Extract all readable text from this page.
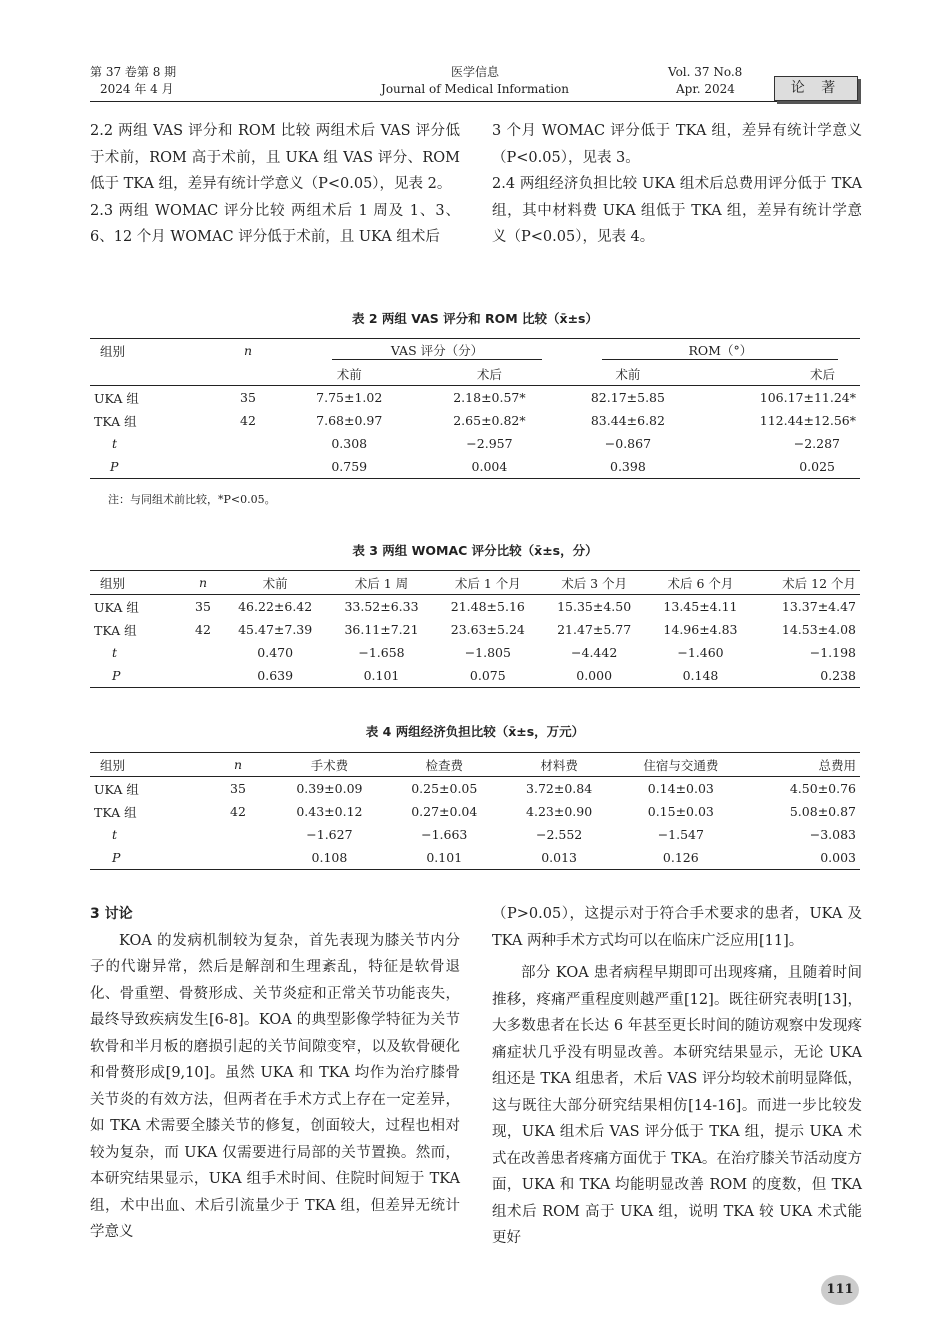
第 37 卷第 8 期
2024 年 4 月
医学信息
Journal of Medical Information
Vol. 37 No.8
Apr. 2024	论 著

2.2 两组 VAS 评分和 ROM 比较 两组术后 VAS 评分低于术前，ROM 高于术前，且 UKA 组 VAS 评分、ROM 低于 TKA 组，差异有统计学意义（P<0.05），见表 2。

2.3 两组 WOMAC 评分比较 两组术后 1 周及 1、3、6、12 个月 WOMAC 评分低于术前，且 UKA 组术后

3 个月 WOMAC 评分低于 TKA 组，差异有统计学意义（P<0.05），见表 3。

2.4 两组经济负担比较 UKA 组术后总费用评分低于 TKA 组，其中材料费 UKA 组低于 TKA 组，差异有统计学意义（P<0.05），见表 4。

表 2 两组 VAS 评分和 ROM 比较（x̄±s）
组别	n	VAS 评分（分）		ROM（°）	

		术前	术后	术前	术后
UKA 组	35	7.75±1.02	2.18±0.57*	82.17±5.85	106.17±11.24*
TKA 组	42	7.68±0.97	2.65±0.82*	83.44±6.82	112.44±12.56*
t		0.308	−2.957	−0.867	−2.287
P		0.759	0.004	0.398	0.025
注：与同组术前比较，*P<0.05。
表 3 两组 WOMAC 评分比较（x̄±s，分）
组别	n	术前	术后 1 周	术后 1 个月	术后 3 个月	术后 6 个月	术后 12 个月
UKA 组	35	46.22±6.42	33.52±6.33	21.48±5.16	15.35±4.50	13.45±4.11	13.37±4.47
TKA 组	42	45.47±7.39	36.11±7.21	23.63±5.24	21.47±5.77	14.96±4.83	14.53±4.08
t		0.470	−1.658	−1.805	−4.442	−1.460	−1.198
P		0.639	0.101	0.075	0.000	0.148	0.238
表 4 两组经济负担比较（x̄±s，万元）
组别	n	手术费	检查费	材料费	住宿与交通费	总费用
UKA 组	35	0.39±0.09	0.25±0.05	3.72±0.84	0.14±0.03	4.50±0.76
TKA 组	42	0.43±0.12	0.27±0.04	4.23±0.90	0.15±0.03	5.08±0.87
t		−1.627	−1.663	−2.552	−1.547	−3.083
P		0.108	0.101	0.013	0.126	0.003

3 讨论

KOA 的发病机制较为复杂，首先表现为膝关节内分子的代谢异常，然后是解剖和生理紊乱，特征是软骨退化、骨重塑、骨赘形成、关节炎症和正常关节功能丧失，最终导致疾病发生[6-8]。KOA 的典型影像学特征为关节软骨和半月板的磨损引起的关节间隙变窄，以及软骨硬化和骨赘形成[9,10]。虽然 UKA 和 TKA 均作为治疗膝骨关节炎的有效方法，但两者在手术方式上存在一定差异，如 TKA 术需要全膝关节的修复，创面较大，过程也相对较为复杂，而 UKA 仅需要进行局部的关节置换。然而，本研究结果显示，UKA 组手术时间、住院时间短于 TKA 组，术中出血、术后引流量少于 TKA 组，但差异无统计学意义

（P>0.05），这提示对于符合手术要求的患者，UKA 及 TKA 两种手术方式均可以在临床广泛应用[11]。

部分 KOA 患者病程早期即可出现疼痛，且随着时间推移，疼痛严重程度则越严重[12]。既往研究表明[13]，大多数患者在长达 6 年甚至更长时间的随访观察中发现疼痛症状几乎没有明显改善。本研究结果显示，无论 UKA 组还是 TKA 组患者，术后 VAS 评分均较术前明显降低，这与既往大部分研究结果相仿[14-16]。而进一步比较发现，UKA 组术后 VAS 评分低于 TKA 组，提示 UKA 术式在改善患者疼痛方面优于 TKA。在治疗膝关节活动度方面，UKA 和 TKA 均能明显改善 ROM 的度数，但 TKA 组术后 ROM 高于 UKA 组，说明 TKA 较 UKA 术式能更好

111
